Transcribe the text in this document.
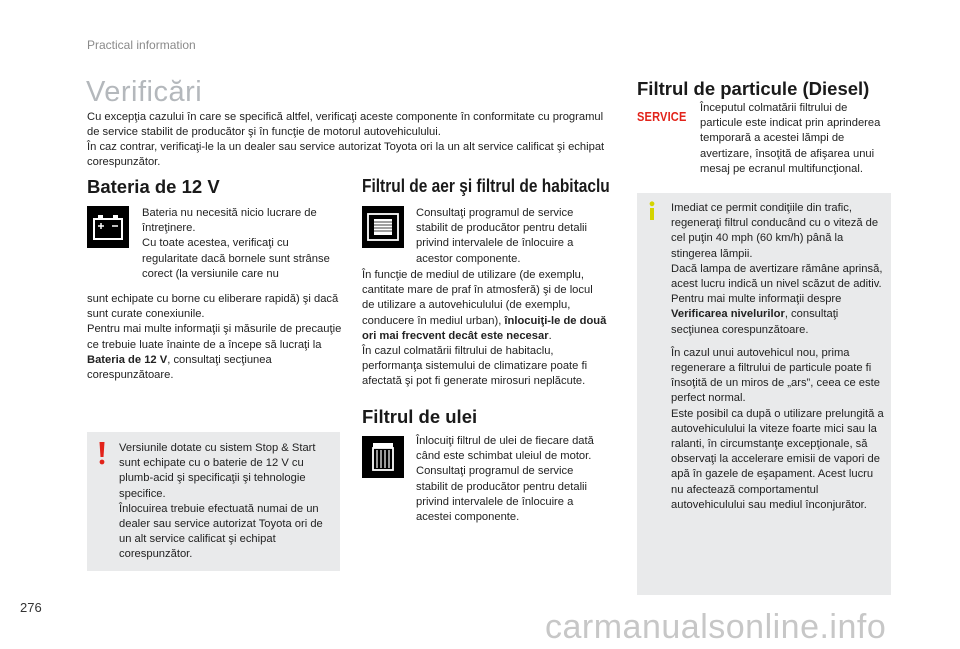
Practical information
Verificări
Cu excepţia cazului în care se specifică altfel, verificaţi aceste componente în conformitate cu programul de service stabilit de producător şi în funcţie de motorul autovehiculului.
În caz contrar, verificaţi-le la un dealer sau service autorizat Toyota ori la un alt service calificat şi echipat corespunzător.
Bateria de 12 V
Bateria nu necesită nicio lucrare de întreţinere.
Cu toate acestea, verificaţi cu regularitate dacă bornele sunt strânse corect (la versiunile care nu
sunt echipate cu borne cu eliberare rapidă) şi dacă sunt curate conexiunile.
Pentru mai multe informaţii şi măsurile de precauţie ce trebuie luate înainte de a începe să lucraţi la Bateria de 12 V, consultaţi secţiunea corespunzătoare.
Versiunile dotate cu sistem Stop & Start sunt echipate cu o baterie de 12 V cu plumb-acid şi specificaţii şi tehnologie specifice.
Înlocuirea trebuie efectuată numai de un dealer sau service autorizat Toyota ori de un alt service calificat şi echipat corespunzător.
Filtrul de aer şi filtrul de habitaclu
Consultaţi programul de service stabilit de producător pentru detalii privind intervalele de înlocuire a acestor componente.
În funcţie de mediul de utilizare (de exemplu, cantitate mare de praf în atmosferă) şi de locul de utilizare a autovehiculului (de exemplu, conducere în mediul urban), înlocuiţi-le de două ori mai frecvent decât este necesar.
În cazul colmatării filtrului de habitaclu, performanţa sistemului de climatizare poate fi afectată şi pot fi generate mirosuri neplăcute.
Filtrul de ulei
Înlocuiţi filtrul de ulei de fiecare dată când este schimbat uleiul de motor.
Consultaţi programul de service stabilit de producător pentru detalii privind intervalele de înlocuire a acestei componente.
Filtrul de particule (Diesel)
SERVICE
Începutul colmatării filtrului de particule este indicat prin aprinderea temporară a acestei lămpi de avertizare, însoţită de afişarea unui mesaj pe ecranul multifuncţional.
Imediat ce permit condiţiile din trafic, regeneraţi filtrul conducând cu o viteză de cel puţin 40 mph (60 km/h) până la stingerea lămpii.
Dacă lampa de avertizare rămâne aprinsă, acest lucru indică un nivel scăzut de aditiv.
Pentru mai multe informaţii despre Verificarea nivelurilor, consultaţi secţiunea corespunzătoare.
În cazul unui autovehicul nou, prima regenerare a filtrului de particule poate fi însoţită de un miros de „ars”, ceea ce este perfect normal.
Este posibil ca după o utilizare prelungită a autovehiculului la viteze foarte mici sau la ralanti, în circumstanţe excepţionale, să observaţi la accelerare emisii de vapori de apă în gazele de eşapament. Acest lucru nu afectează comportamentul autovehiculului sau mediul înconjurător.
276
carmanualsonline.info
